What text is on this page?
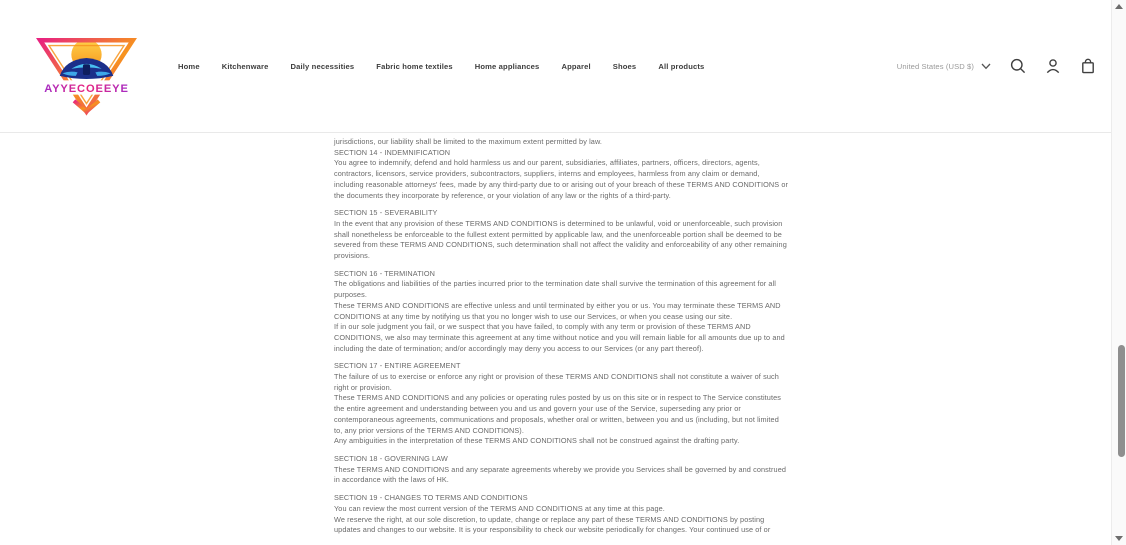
AYYECOEEYE
Home	Kitchenware	Daily necessities	Fabric home textiles	Home appliances	Apparel	Shoes	All products	United States (USD $)

jurisdictions, our liability shall be limited to the maximum extent permitted by law.

SECTION 14 - INDEMNIFICATION

You agree to indemnify, defend and hold harmless us and our parent, subsidiaries, affiliates, partners, officers, directors, agents, contractors, licensors, service providers, subcontractors, suppliers, interns and employees, harmless from any claim or demand, including reasonable attorneys' fees, made by any third-party due to or arising out of your breach of these TERMS AND CONDITIONS or the documents they incorporate by reference, or your violation of any law or the rights of a third-party.

SECTION 15 - SEVERABILITY

In the event that any provision of these TERMS AND CONDITIONS is determined to be unlawful, void or unenforceable, such provision shall nonetheless be enforceable to the fullest extent permitted by applicable law, and the unenforceable portion shall be deemed to be severed from these TERMS AND CONDITIONS, such determination shall not affect the validity and enforceability of any other remaining provisions.

SECTION 16 - TERMINATION

The obligations and liabilities of the parties incurred prior to the termination date shall survive the termination of this agreement for all purposes.

These TERMS AND CONDITIONS are effective unless and until terminated by either you or us. You may terminate these TERMS AND CONDITIONS at any time by notifying us that you no longer wish to use our Services, or when you cease using our site.

If in our sole judgment you fail, or we suspect that you have failed, to comply with any term or provision of these TERMS AND CONDITIONS, we also may terminate this agreement at any time without notice and you will remain liable for all amounts due up to and including the date of termination; and/or accordingly may deny you access to our Services (or any part thereof).

SECTION 17 - ENTIRE AGREEMENT

The failure of us to exercise or enforce any right or provision of these TERMS AND CONDITIONS shall not constitute a waiver of such right or provision.

These TERMS AND CONDITIONS and any policies or operating rules posted by us on this site or in respect to The Service constitutes the entire agreement and understanding between you and us and govern your use of the Service, superseding any prior or contemporaneous agreements, communications and proposals, whether oral or written, between you and us (including, but not limited to, any prior versions of the TERMS AND CONDITIONS).

Any ambiguities in the interpretation of these TERMS AND CONDITIONS shall not be construed against the drafting party.

SECTION 18 - GOVERNING LAW

These TERMS AND CONDITIONS and any separate agreements whereby we provide you Services shall be governed by and construed in accordance with the laws of HK.

SECTION 19 - CHANGES TO TERMS AND CONDITIONS

You can review the most current version of the TERMS AND CONDITIONS at any time at this page.

We reserve the right, at our sole discretion, to update, change or replace any part of these TERMS AND CONDITIONS by posting updates and changes to our website. It is your responsibility to check our website periodically for changes. Your continued use of or
